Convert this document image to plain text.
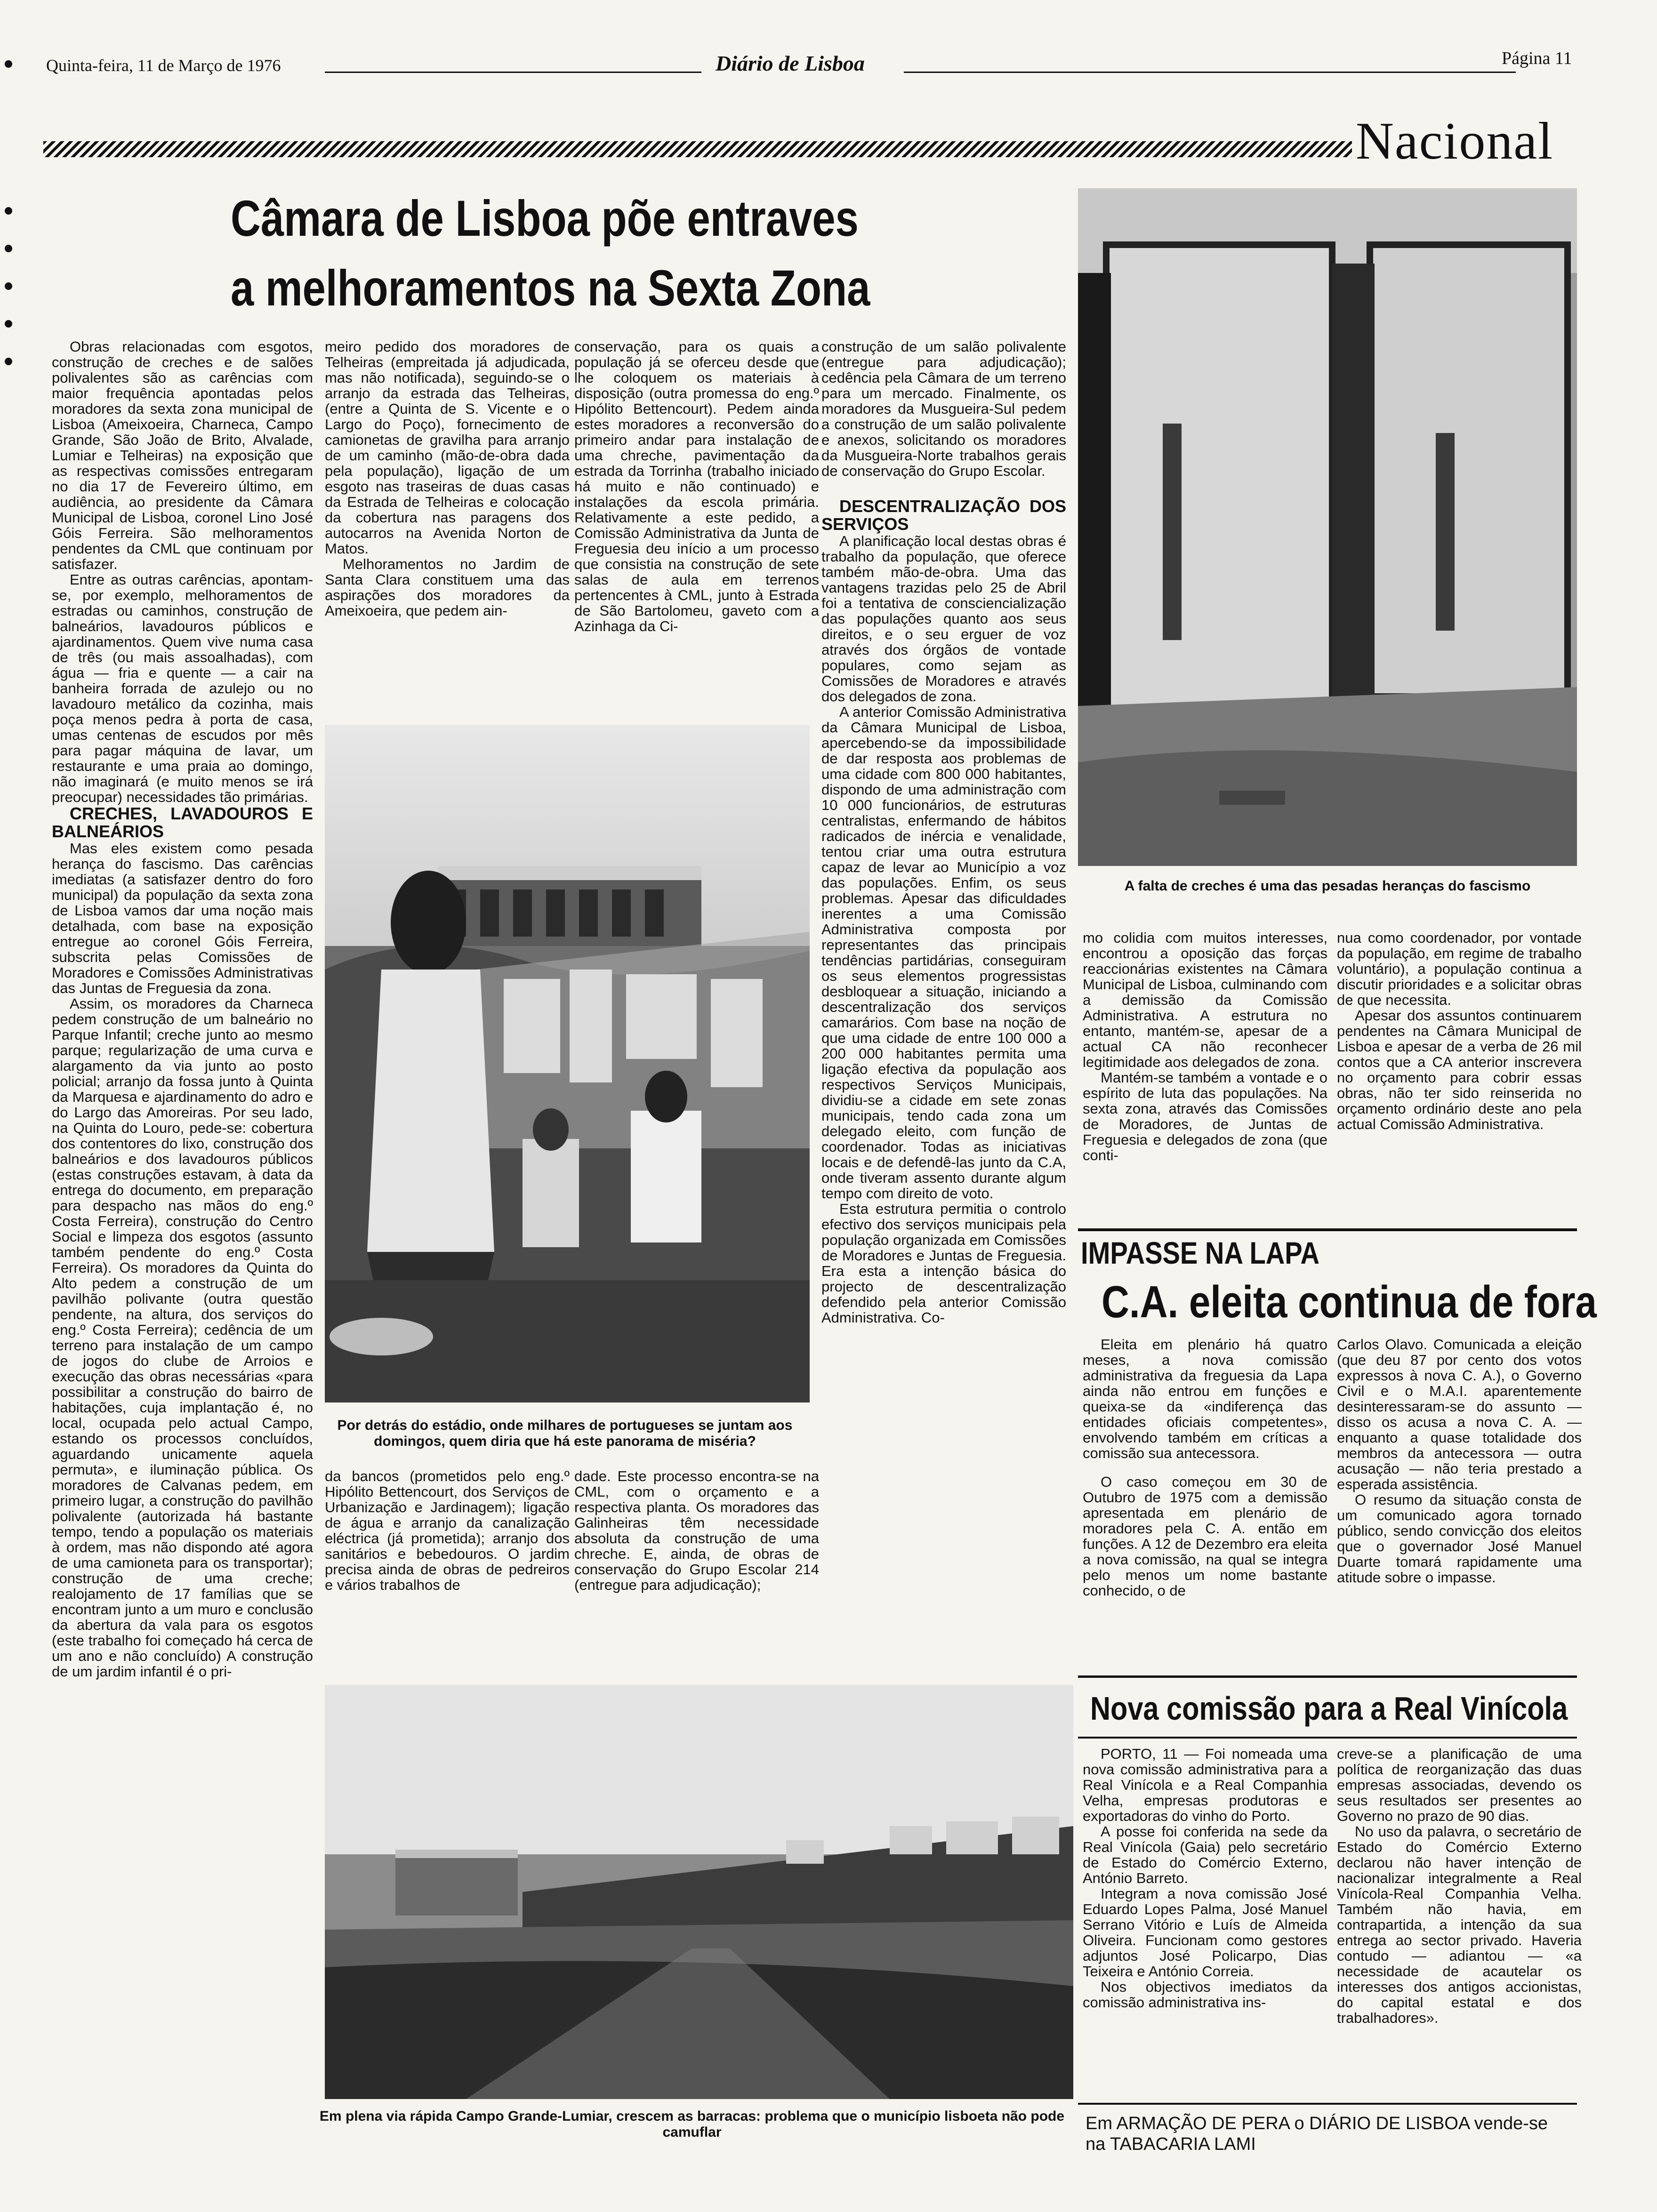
Quinta-feira, 11 de Março de 1976	Diário de Lisboa	Página 11
Nacional
Câmara de Lisboa põe entraves
a melhoramentos na Sexta Zona

Obras relacionadas com esgotos, construção de creches e de salões polivalentes são as carências com maior frequência apontadas pelos moradores da sexta zona municipal de Lisboa (Ameixoeira, Charneca, Campo Grande, São João de Brito, Alvalade, Lumiar e Telheiras) na exposição que as respectivas comissões entregaram no dia 17 de Fevereiro último, em audiência, ao presidente da Câmara Municipal de Lisboa, coronel Lino José Góis Ferreira. São melhoramentos pendentes da CML que continuam por satisfazer.

Entre as outras carências, apontam-se, por exemplo, melhoramentos de estradas ou caminhos, construção de balneários, lavadouros públicos e ajardinamentos. Quem vive numa casa de três (ou mais assoalhadas), com água — fria e quente — a cair na banheira forrada de azulejo ou no lavadouro metálico da cozinha, mais poça menos pedra à porta de casa, umas centenas de escudos por mês para pagar máquina de lavar, um restaurante e uma praia ao domingo, não imaginará (e muito menos se irá preocupar) necessidades tão primárias.

CRECHES, LAVADOUROS E BALNEÁRIOS

Mas eles existem como pesada herança do fascismo. Das carências imediatas (a satisfazer dentro do foro municipal) da população da sexta zona de Lisboa vamos dar uma noção mais detalhada, com base na exposição entregue ao coronel Góis Ferreira, subscrita pelas Comissões de Moradores e Comissões Administrativas das Juntas de Freguesia da zona.

Assim, os moradores da Charneca pedem construção de um balneário no Parque Infantil; creche junto ao mesmo parque; regularização de uma curva e alargamento da via junto ao posto policial; arranjo da fossa junto à Quinta da Marquesa e ajardinamento do adro e do Largo das Amoreiras. Por seu lado, na Quinta do Louro, pede-se: cobertura dos contentores do lixo, construção dos balneários e dos lavadouros públicos (estas construções estavam, à data da entrega do documento, em preparação para despacho nas mãos do eng.º Costa Ferreira), construção do Centro Social e limpeza dos esgotos (assunto também pendente do eng.º Costa Ferreira). Os moradores da Quinta do Alto pedem a construção de um pavilhão polivante (outra questão pendente, na altura, dos serviços do eng.º Costa Ferreira); cedência de um terreno para instalação de um campo de jogos do clube de Arroios e execução das obras necessárias «para possibilitar a construção do bairro de habitações, cuja implantação é, no local, ocupada pelo actual Campo, estando os processos concluídos, aguardando unicamente aquela permuta», e iluminação pública. Os moradores de Calvanas pedem, em primeiro lugar, a construção do pavilhão polivalente (autorizada há bastante tempo, tendo a população os materiais à ordem, mas não dispondo até agora de uma camioneta para os transportar); construção de uma creche; realojamento de 17 famílias que se encontram junto a um muro e conclusão da abertura da vala para os esgotos (este trabalho foi começado há cerca de um ano e não concluído) A construção de um jardim infantil é o pri-

meiro pedido dos moradores de Telheiras (empreitada já adjudicada, mas não notificada), seguindo-se o arranjo da estrada das Telheiras, (entre a Quinta de S. Vicente e o Largo do Poço), fornecimento de camionetas de gravilha para arranjo de um caminho (mão-de-obra dada pela população), ligação de um esgoto nas traseiras de duas casas da Estrada de Telheiras e colocação da cobertura nas paragens dos autocarros na Avenida Norton de Matos.

Melhoramentos no Jardim de Santa Clara constituem uma das aspirações dos moradores da Ameixoeira, que pedem ain-

conservação, para os quais a população já se oferceu desde que lhe coloquem os materiais à disposição (outra promessa do eng.º Hipólito Bettencourt). Pedem ainda estes moradores a reconversão do primeiro andar para instalação de uma chreche, pavimentação da estrada da Torrinha (trabalho iniciado há muito e não continuado) e instalações da escola primária. Relativamente a este pedido, a Comissão Administrativa da Junta de Freguesia deu início a um processo que consistia na construção de sete salas de aula em terrenos pertencentes à CML, junto à Estrada de São Bartolomeu, gaveto com a Azinhaga da Ci-

construção de um salão polivalente (entregue para adjudicação); cedência pela Câmara de um terreno para um mercado. Finalmente, os moradores da Musgueira-Sul pedem a construção de um salão polivalente e anexos, solicitando os moradores da Musgueira-Norte trabalhos gerais de conservação do Grupo Escolar.

DESCENTRALIZAÇÃO DOS SERVIÇOS

A planificação local destas obras é trabalho da população, que oferece também mão-de-obra. Uma das vantagens trazidas pelo 25 de Abril foi a tentativa de consciencialização das populações quanto aos seus direitos, e o seu erguer de voz através dos órgãos de vontade populares, como sejam as Comissões de Moradores e através dos delegados de zona.

A anterior Comissão Administrativa da Câmara Municipal de Lisboa, apercebendo-se da impossibilidade de dar resposta aos problemas de uma cidade com 800 000 habitantes, dispondo de uma administração com 10 000 funcionários, de estruturas centralistas, enfermando de hábitos radicados de inércia e venalidade, tentou criar uma outra estrutura capaz de levar ao Município a voz das populações. Enfim, os seus problemas. Apesar das dificuldades inerentes a uma Comissão Administrativa composta por representantes das principais tendências partidárias, conseguiram os seus elementos progressistas desbloquear a situação, iniciando a descentralização dos serviços camarários. Com base na noção de que uma cidade de entre 100 000 a 200 000 habitantes permita uma ligação efectiva da população aos respectivos Serviços Municipais, dividiu-se a cidade em sete zonas municipais, tendo cada zona um delegado eleito, com função de coordenador. Todas as iniciativas locais e de defendê-las junto da C.A, onde tiveram assento durante algum tempo com direito de voto.

Esta estrutura permitia o controlo efectivo dos serviços municipais pela população organizada em Comissões de Moradores e Juntas de Freguesia. Era esta a intenção básica do projecto de descentralização defendido pela anterior Comissão Administrativa. Co-

Por detrás do estádio, onde milhares de portugueses se juntam aos domingos, quem diria que há este panorama de miséria?

da bancos (prometidos pelo eng.º Hipólito Bettencourt, dos Serviços de Urbanização e Jardinagem); ligação de água e arranjo da canalização eléctrica (já prometida); arranjo dos sanitários e bebedouros. O jardim precisa ainda de obras de pedreiros e vários trabalhos de

dade. Este processo encontra-se na CML, com o orçamento e a respectiva planta. Os moradores das Galinheiras têm necessidade absoluta da construção de uma chreche. E, ainda, de obras de conservação do Grupo Escolar 214 (entregue para adjudicação);

mo colidia com muitos interesses, encontrou a oposição das forças reaccionárias existentes na Câmara Municipal de Lisboa, culminando com a demissão da Comissão Administrativa. A estrutura no entanto, mantém-se, apesar de a actual CA não reconhecer legitimidade aos delegados de zona.

Mantém-se também a vontade e o espírito de luta das populações. Na sexta zona, através das Comissões de Moradores, de Juntas de Freguesia e delegados de zona (que conti-

nua como coordenador, por vontade da população, em regime de trabalho voluntário), a população continua a discutir prioridades e a solicitar obras de que necessita.

Apesar dos assuntos continuarem pendentes na Câmara Municipal de Lisboa e apesar de a verba de 26 mil contos que a CA anterior inscrevera no orçamento para cobrir essas obras, não ter sido reinserida no orçamento ordinário deste ano pela actual Comissão Administrativa.

A falta de creches é uma das pesadas heranças do fascismo
IMPASSE NA LAPA
C.A. eleita continua de fora

Eleita em plenário há quatro meses, a nova comissão administrativa da freguesia da Lapa ainda não entrou em funções e queixa-se da «indiferença das entidades oficiais competentes», envolvendo também em críticas a comissão sua antecessora.

O caso começou em 30 de Outubro de 1975 com a demissão apresentada em plenário de moradores pela C. A. então em funções. A 12 de Dezembro era eleita a nova comissão, na qual se integra pelo menos um nome bastante conhecido, o de

Carlos Olavo. Comunicada a eleição (que deu 87 por cento dos votos expressos à nova C. A.), o Governo Civil e o M.A.I. aparentemente desinteressaram-se do assunto — disso os acusa a nova C. A. — enquanto a quase totalidade dos membros da antecessora — outra acusação — não teria prestado a esperada assistência.

O resumo da situação consta de um comunicado agora tornado público, sendo convicção dos eleitos que o governador José Manuel Duarte tomará rapidamente uma atitude sobre o impasse.

Nova comissão para a Real Vinícola

PORTO, 11 — Foi nomeada uma nova comissão administrativa para a Real Vinícola e a Real Companhia Velha, empresas produtoras e exportadoras do vinho do Porto.

A posse foi conferida na sede da Real Vinícola (Gaia) pelo secretário de Estado do Comércio Externo, António Barreto.

Integram a nova comissão José Eduardo Lopes Palma, José Manuel Serrano Vitório e Luís de Almeida Oliveira. Funcionam como gestores adjuntos José Policarpo, Dias Teixeira e António Correia.

Nos objectivos imediatos da comissão administrativa ins-

creve-se a planificação de uma política de reorganização das duas empresas associadas, devendo os seus resultados ser presentes ao Governo no prazo de 90 dias.

No uso da palavra, o secretário de Estado do Comércio Externo declarou não haver intenção de nacionalizar integralmente a Real Vinícola-Real Companhia Velha. Também não havia, em contrapartida, a intenção da sua entrega ao sector privado. Haveria contudo — adiantou — «a necessidade de acautelar os interesses dos antigos accionistas, do capital estatal e dos trabalhadores».

Em ARMAÇÃO DE PERA o DIÁRIO DE LISBOA vende-se na TABACARIA LAMI
Em plena via rápida Campo Grande-Lumiar, crescem as barracas: problema que o município lisboeta não pode camuflar
